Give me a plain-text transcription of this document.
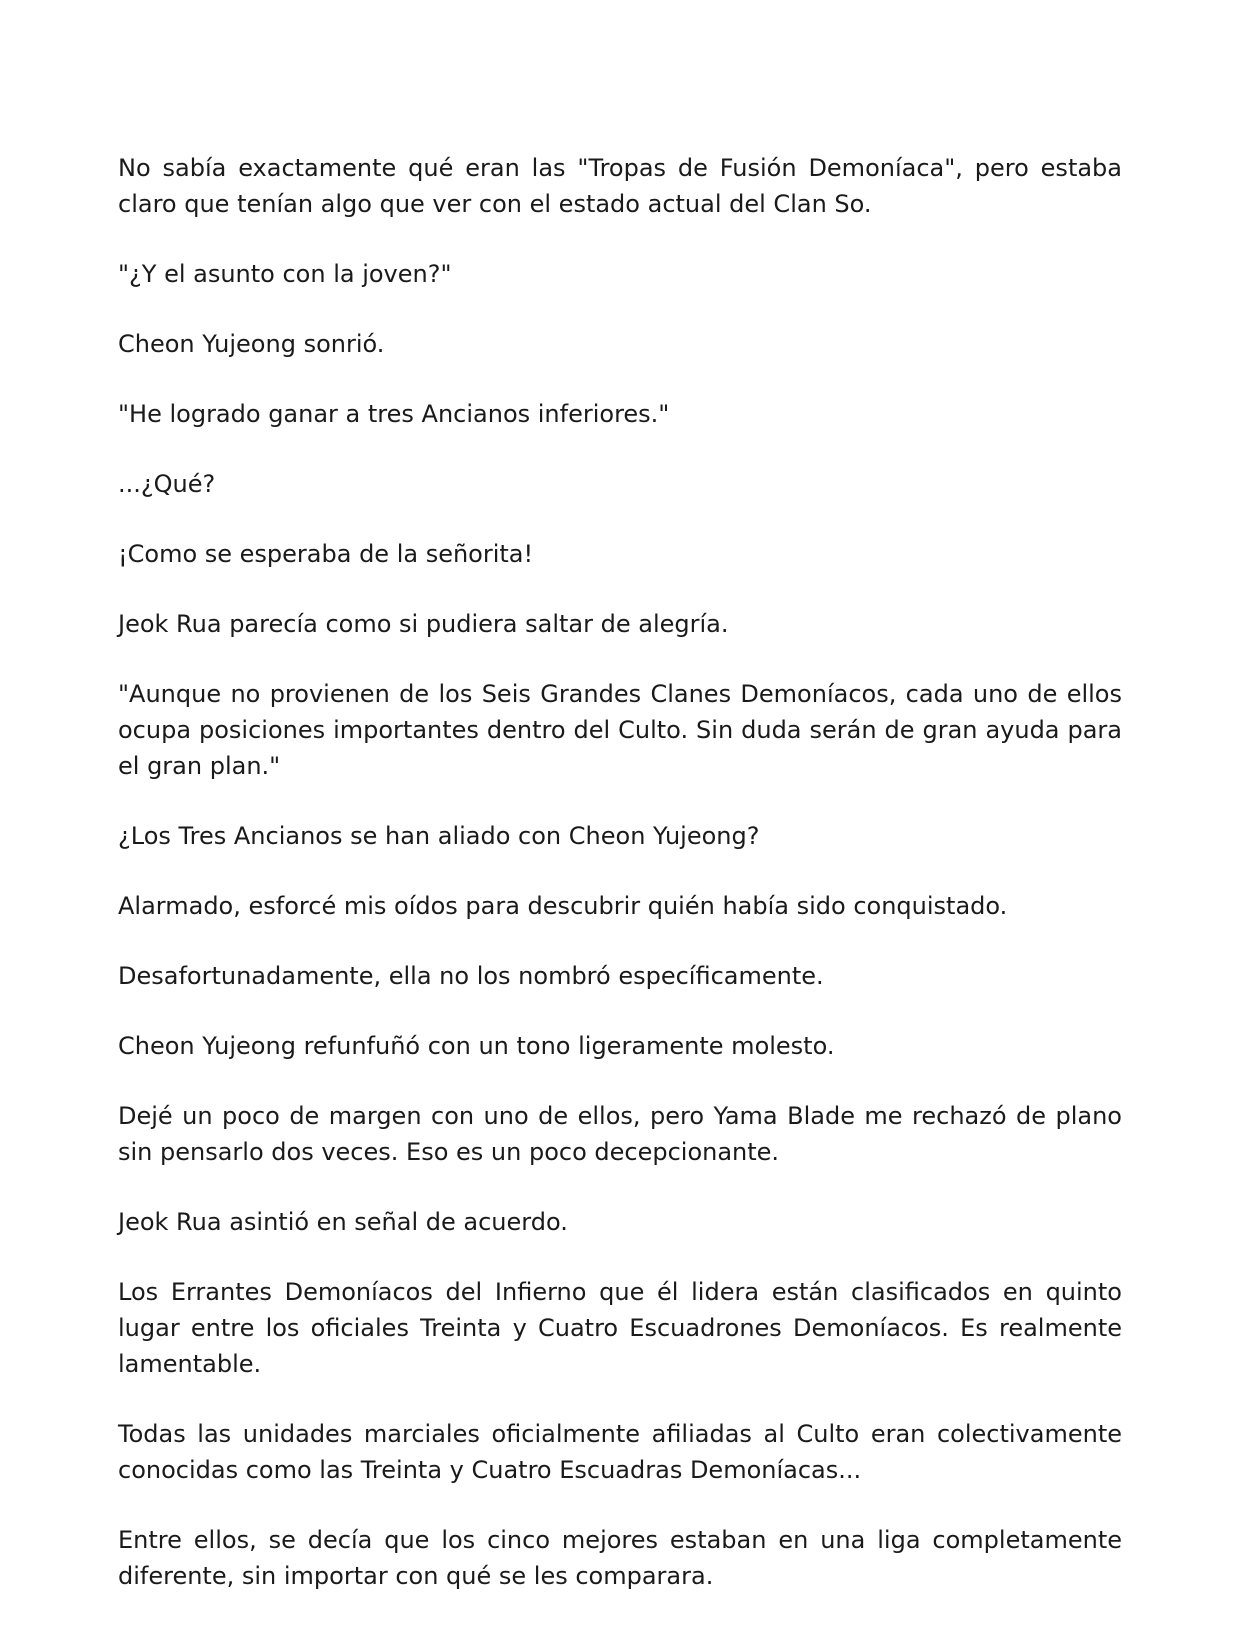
No sabía exactamente qué eran las "Tropas de Fusión Demoníaca", pero estaba claro que tenían algo que ver con el estado actual del Clan So.

"¿Y el asunto con la joven?"

Cheon Yujeong sonrió.

"He logrado ganar a tres Ancianos inferiores."

...¿Qué?

¡Como se esperaba de la señorita!

Jeok Rua parecía como si pudiera saltar de alegría.

"Aunque no provienen de los Seis Grandes Clanes Demoníacos, cada uno de ellos ocupa posiciones importantes dentro del Culto. Sin duda serán de gran ayuda para el gran plan."

¿Los Tres Ancianos se han aliado con Cheon Yujeong?

Alarmado, esforcé mis oídos para descubrir quién había sido conquistado.

Desafortunadamente, ella no los nombró específicamente.

Cheon Yujeong refunfuñó con un tono ligeramente molesto.

Dejé un poco de margen con uno de ellos, pero Yama Blade me rechazó de plano sin pensarlo dos veces. Eso es un poco decepcionante.

Jeok Rua asintió en señal de acuerdo.

Los Errantes Demoníacos del Infierno que él lidera están clasificados en quinto lugar entre los oficiales Treinta y Cuatro Escuadrones Demoníacos. Es realmente lamentable.

Todas las unidades marciales oficialmente afiliadas al Culto eran colectivamente conocidas como las Treinta y Cuatro Escuadras Demoníacas...

Entre ellos, se decía que los cinco mejores estaban en una liga completamente diferente, sin importar con qué se les comparara.
